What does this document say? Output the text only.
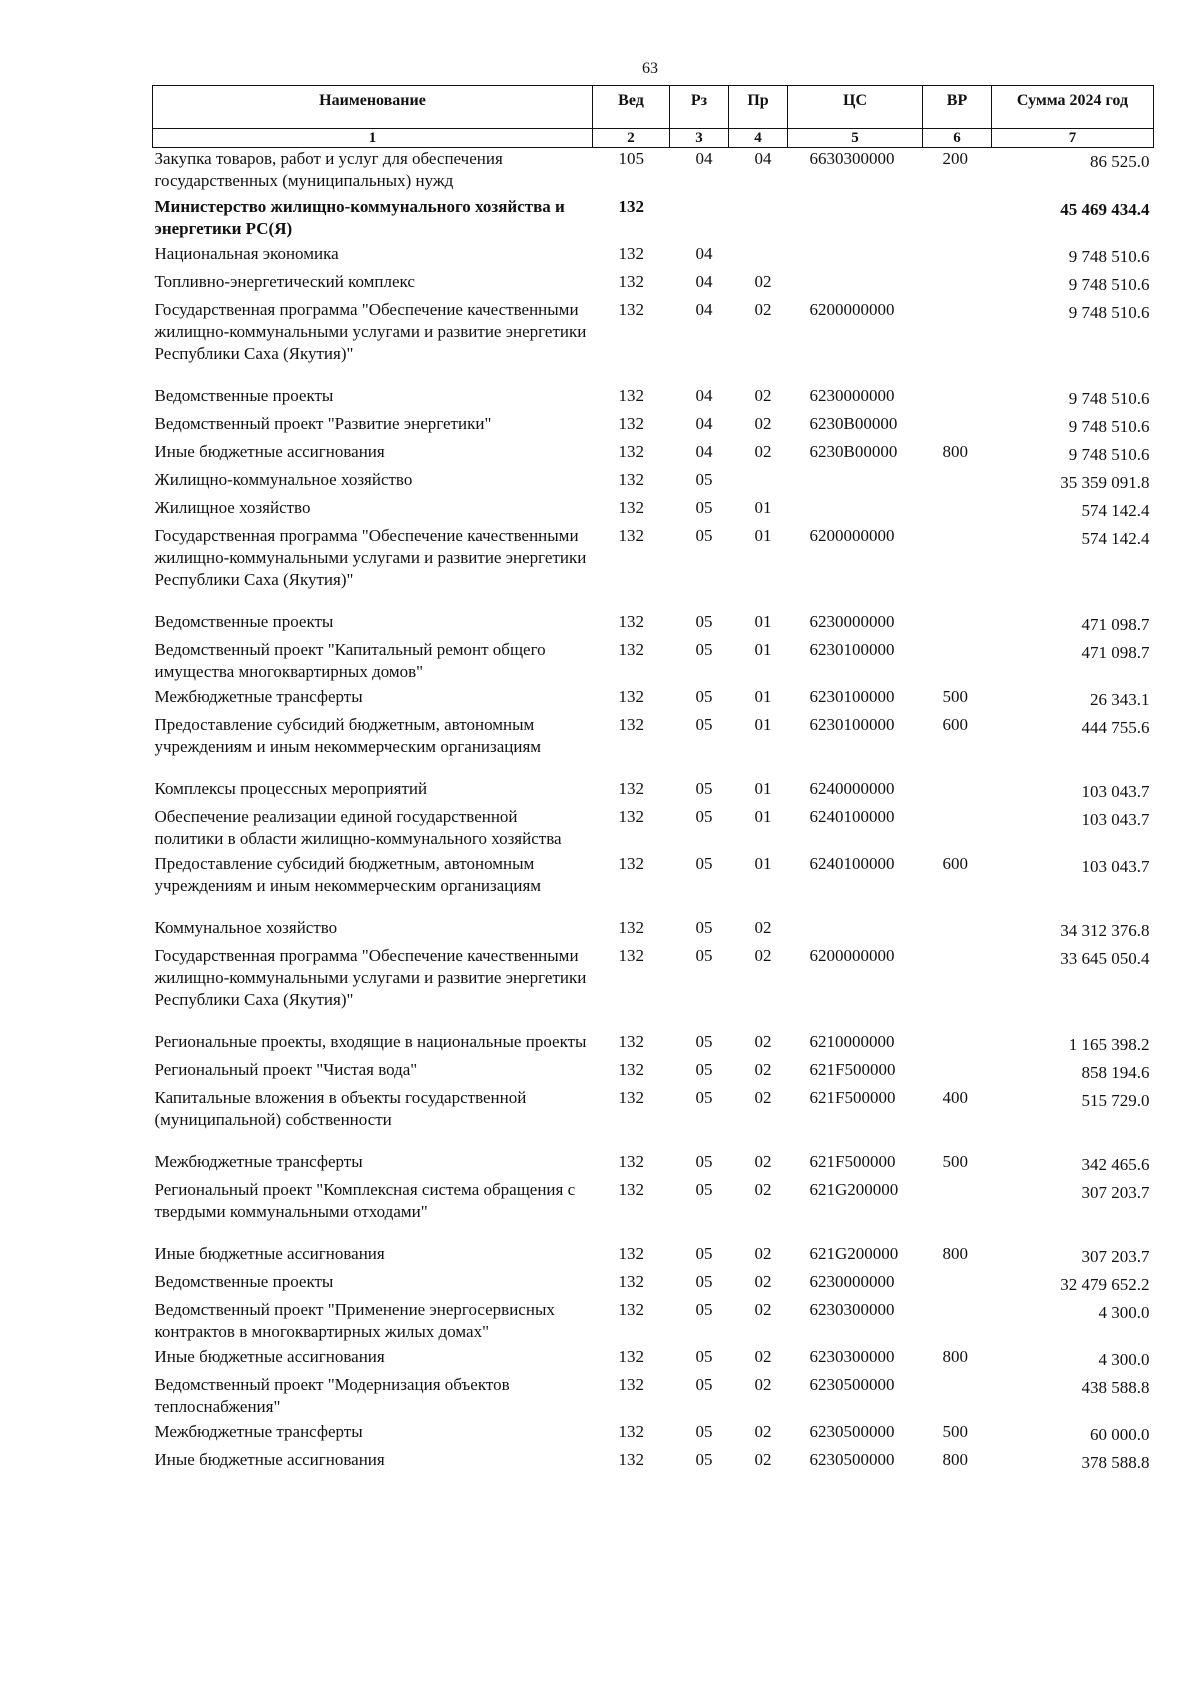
63
Наименование	Вед	Рз	Пр	ЦС	ВР	Сумма 2024 год
1	2	3	4	5	6	7
Закупка товаров, работ и услуг для обеспечения государственных (муниципальных) нужд	105	04	04	6630300000	200	86 525.0
Министерство жилищно-коммунального хозяйства и энергетики РС(Я)	132					45 469 434.4
Национальная экономика	132	04				9 748 510.6
Топливно-энергетический комплекс	132	04	02			9 748 510.6
Государственная программа "Обеспечение качественными жилищно-коммунальными услугами и развитие энергетики Республики Саха (Якутия)"	132	04	02	6200000000		9 748 510.6
Ведомственные проекты	132	04	02	6230000000		9 748 510.6
Ведомственный проект "Развитие энергетики"	132	04	02	6230В00000		9 748 510.6
Иные бюджетные ассигнования	132	04	02	6230В00000	800	9 748 510.6
Жилищно-коммунальное хозяйство	132	05				35 359 091.8
Жилищное хозяйство	132	05	01			574 142.4
Государственная программа "Обеспечение качественными жилищно-коммунальными услугами и развитие энергетики Республики Саха (Якутия)"	132	05	01	6200000000		574 142.4
Ведомственные проекты	132	05	01	6230000000		471 098.7
Ведомственный проект "Капитальный ремонт общего имущества многоквартирных домов"	132	05	01	6230100000		471 098.7
Межбюджетные трансферты	132	05	01	6230100000	500	26 343.1
Предоставление субсидий бюджетным, автономным учреждениям и иным некоммерческим организациям	132	05	01	6230100000	600	444 755.6
Комплексы процессных мероприятий	132	05	01	6240000000		103 043.7
Обеспечение реализации единой государственной политики в области жилищно-коммунального хозяйства	132	05	01	6240100000		103 043.7
Предоставление субсидий бюджетным, автономным учреждениям и иным некоммерческим организациям	132	05	01	6240100000	600	103 043.7
Коммунальное хозяйство	132	05	02			34 312 376.8
Государственная программа "Обеспечение качественными жилищно-коммунальными услугами и развитие энергетики Республики Саха (Якутия)"	132	05	02	6200000000		33 645 050.4
Региональные проекты, входящие в национальные проекты	132	05	02	6210000000		1 165 398.2
Региональный проект "Чистая вода"	132	05	02	621F500000		858 194.6
Капитальные вложения в объекты государственной (муниципальной) собственности	132	05	02	621F500000	400	515 729.0
Межбюджетные трансферты	132	05	02	621F500000	500	342 465.6
Региональный проект "Комплексная система обращения с твердыми коммунальными отходами"	132	05	02	621G200000		307 203.7
Иные бюджетные ассигнования	132	05	02	621G200000	800	307 203.7
Ведомственные проекты	132	05	02	6230000000		32 479 652.2
Ведомственный проект "Применение энергосервисных контрактов в многоквартирных жилых домах"	132	05	02	6230300000		4 300.0
Иные бюджетные ассигнования	132	05	02	6230300000	800	4 300.0
Ведомственный проект "Модернизация объектов теплоснабжения"	132	05	02	6230500000		438 588.8
Межбюджетные трансферты	132	05	02	6230500000	500	60 000.0
Иные бюджетные ассигнования	132	05	02	6230500000	800	378 588.8
